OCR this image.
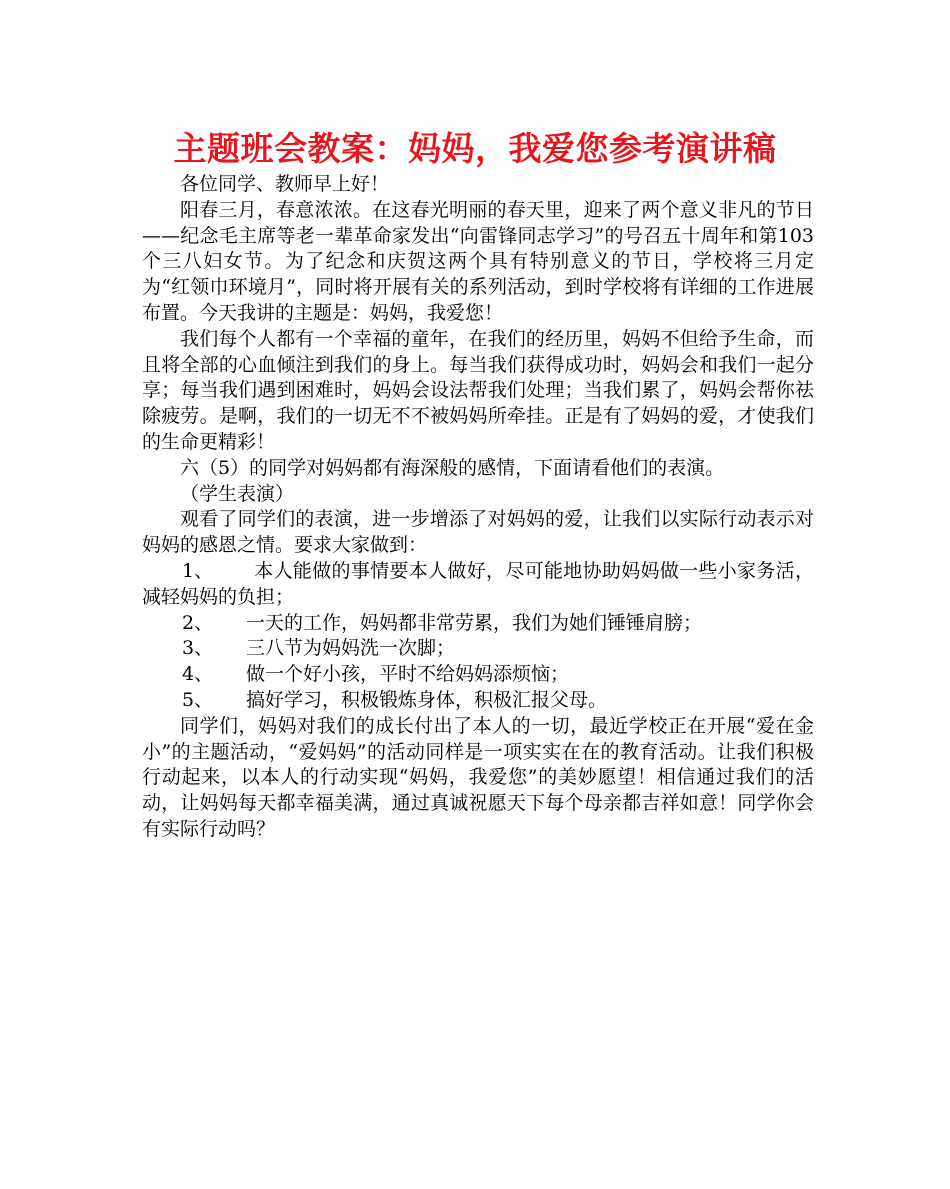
主题班会教案：妈妈，我爱您参考演讲稿

各位同学、教师早上好！

阳春三月，春意浓浓。在这春光明丽的春天里，迎来了两个意义非凡的节日——纪念毛主席等老一辈革命家发出“向雷锋同志学习”的号召五十周年和第103个三八妇女节。为了纪念和庆贺这两个具有特别意义的节日，学校将三月定为“红领巾环境月”，同时将开展有关的系列活动，到时学校将有详细的工作进展布置。今天我讲的主题是：妈妈，我爱您！

我们每个人都有一个幸福的童年，在我们的经历里，妈妈不但给予生命，而且将全部的心血倾注到我们的身上。每当我们获得成功时，妈妈会和我们一起分享；每当我们遇到困难时，妈妈会设法帮我们处理；当我们累了，妈妈会帮你祛除疲劳。是啊，我们的一切无不不被妈妈所牵挂。正是有了妈妈的爱，才使我们的生命更精彩！

六（5）的同学对妈妈都有海深般的感情，下面请看他们的表演。

（学生表演）

观看了同学们的表演，进一步增添了对妈妈的爱，让我们以实际行动表示对妈妈的感恩之情。要求大家做到：

1、 本人能做的事情要本人做好，尽可能地协助妈妈做一些小家务活，减轻妈妈的负担；

2、	一天的工作，妈妈都非常劳累，我们为她们锤锤肩膀；

3、	三八节为妈妈洗一次脚；

4、	做一个好小孩，平时不给妈妈添烦恼；

5、	搞好学习，积极锻炼身体，积极汇报父母。

同学们，妈妈对我们的成长付出了本人的一切，最近学校正在开展“爱在金小”的主题活动，“爱妈妈”的活动同样是一项实实在在的教育活动。让我们积极行动起来，以本人的行动实现“妈妈，我爱您”的美妙愿望！相信通过我们的活动，让妈妈每天都幸福美满，通过真诚祝愿天下每个母亲都吉祥如意！同学你会有实际行动吗？
